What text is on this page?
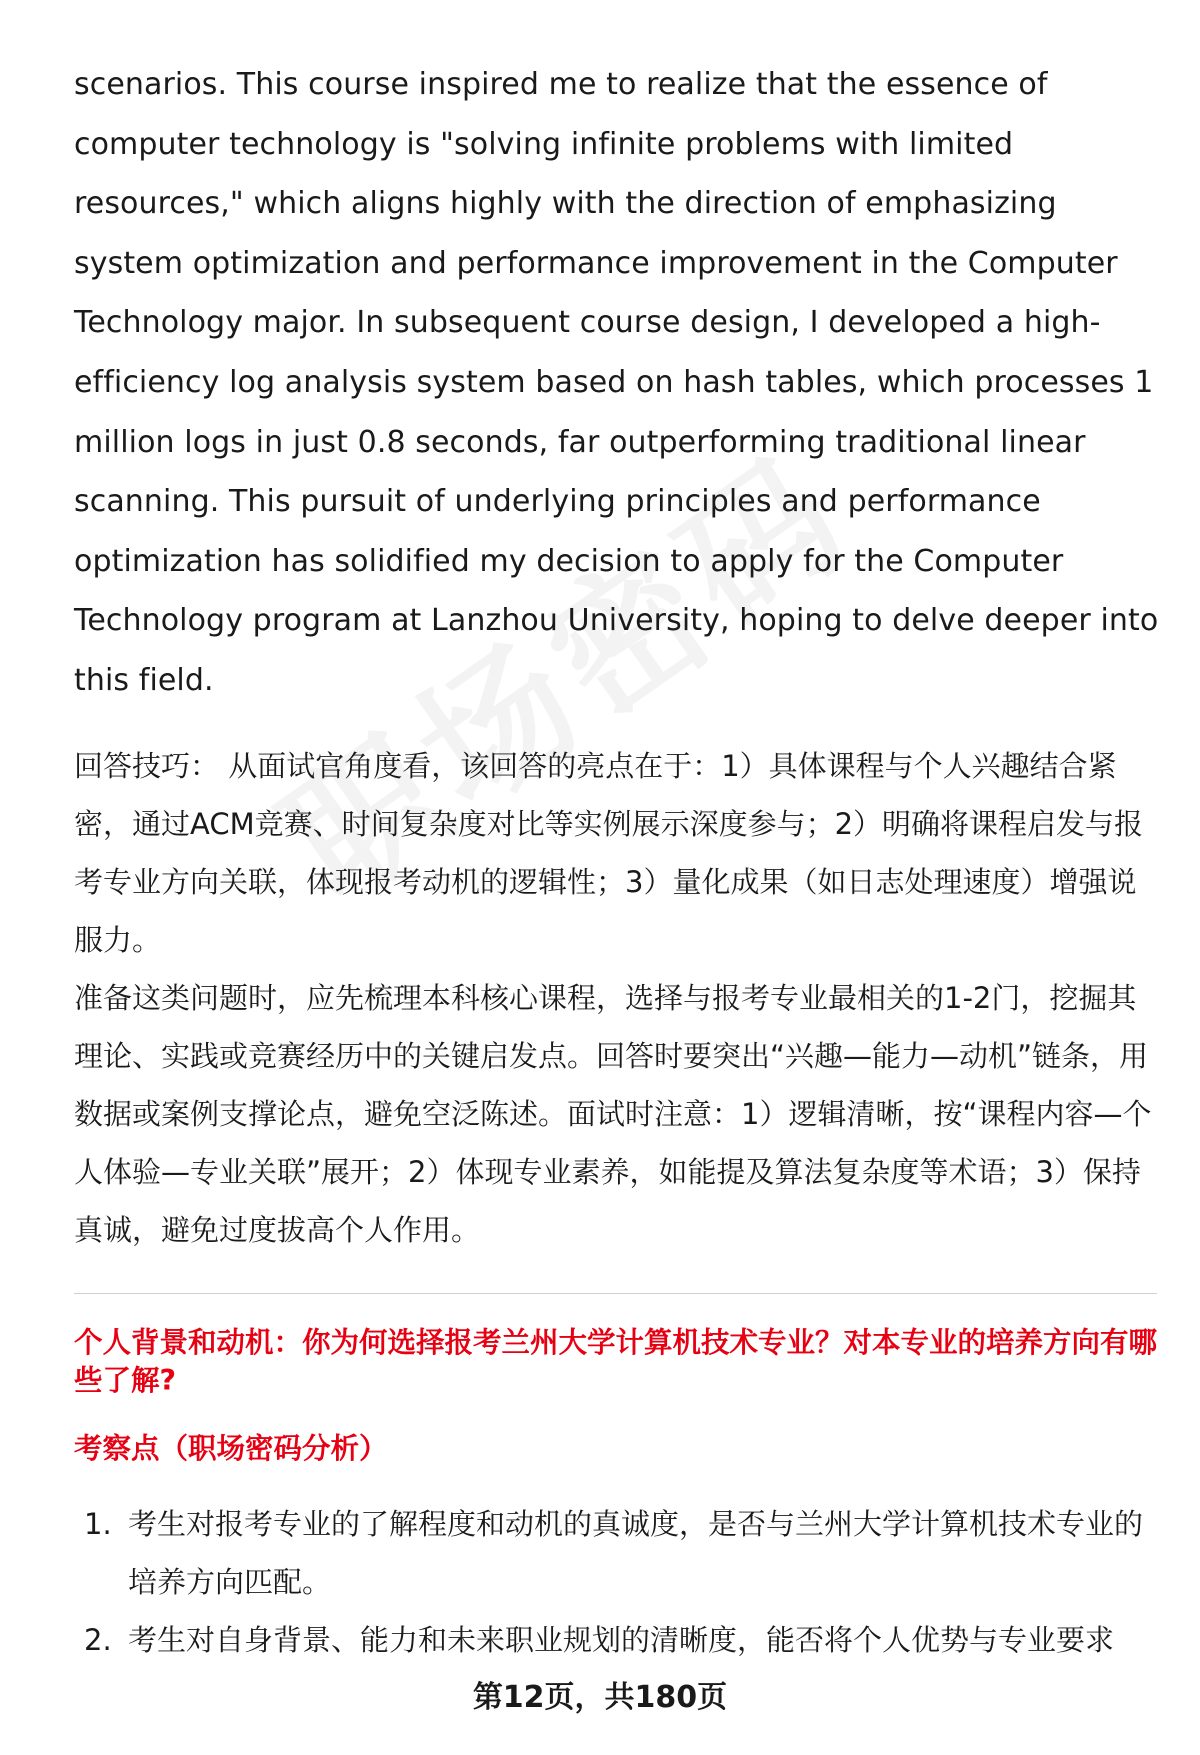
scenarios. This course inspired me to realize that the essence of computer technology is "solving infinite problems with limited resources," which aligns highly with the direction of emphasizing system optimization and performance improvement in the Computer Technology major. In subsequent course design, I developed a high-efficiency log analysis system based on hash tables, which processes 1 million logs in just 0.8 seconds, far outperforming traditional linear scanning. This pursuit of underlying principles and performance optimization has solidified my decision to apply for the Computer Technology program at Lanzhou University, hoping to delve deeper into this field.

回答技巧： 从面试官角度看，该回答的亮点在于：1）具体课程与个人兴趣结合紧密，通过ACM竞赛、时间复杂度对比等实例展示深度参与；2）明确将课程启发与报考专业方向关联，体现报考动机的逻辑性；3）量化成果（如日志处理速度）增强说服力。

准备这类问题时，应先梳理本科核心课程，选择与报考专业最相关的1-2门，挖掘其理论、实践或竞赛经历中的关键启发点。回答时要突出“兴趣—能力—动机”链条，用数据或案例支撑论点，避免空泛陈述。面试时注意：1）逻辑清晰，按“课程内容—个人体验—专业关联”展开；2）体现专业素养，如能提及算法复杂度等术语；3）保持真诚，避免过度拔高个人作用。

个人背景和动机：你为何选择报考兰州大学计算机技术专业？对本专业的培养方向有哪些了解?
考察点（职场密码分析）
1. 考生对报考专业的了解程度和动机的真诚度，是否与兰州大学计算机技术专业的培养方向匹配。
2. 考生对自身背景、能力和未来职业规划的清晰度，能否将个人优势与专业要求
第12页，共180页
